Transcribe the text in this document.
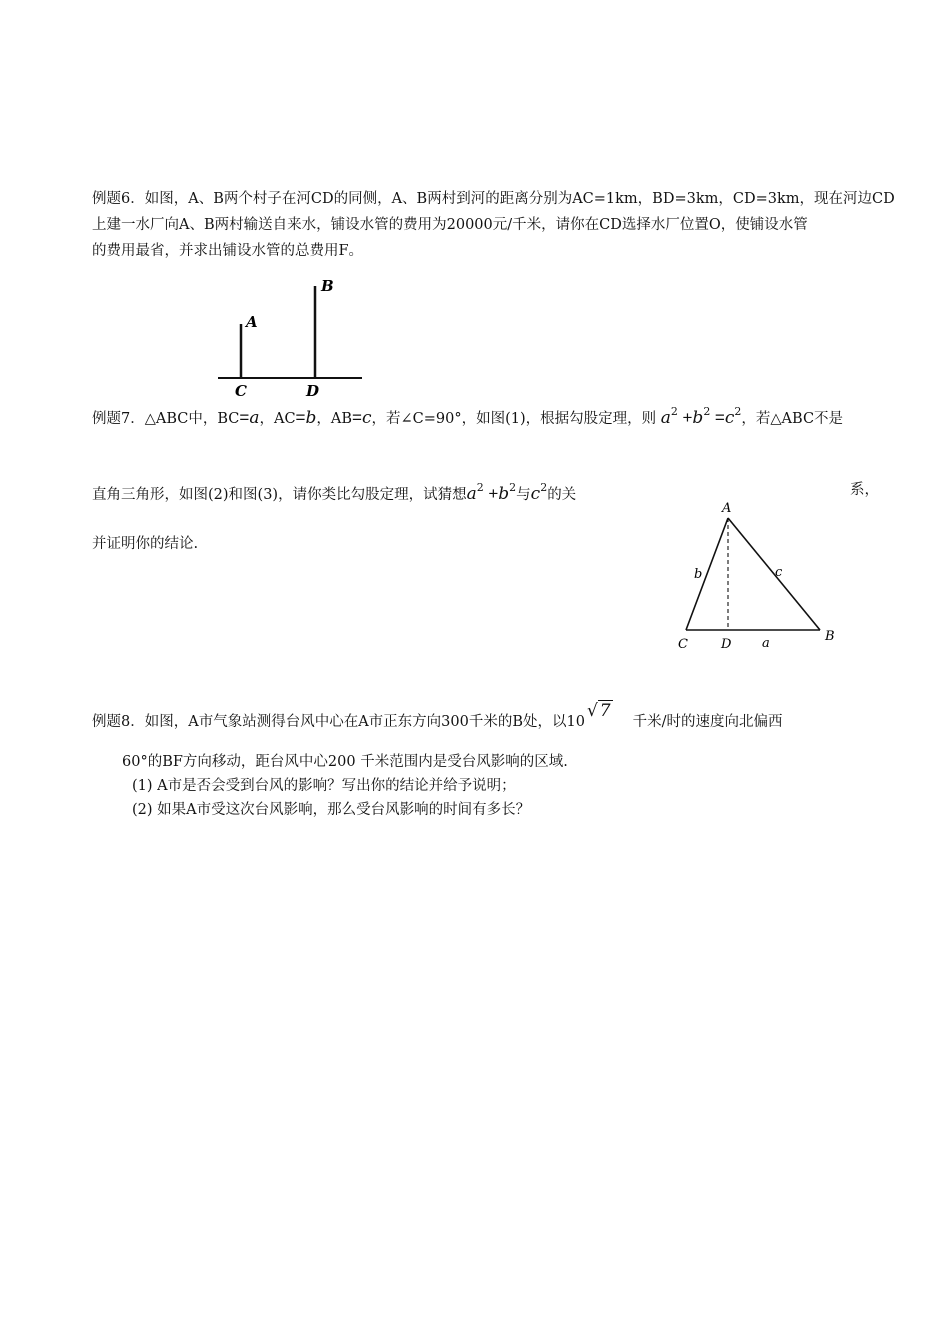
例题6．如图，A、B两个村子在河CD的同侧，A、B两村到河的距离分别为AC=1km，BD=3km，CD=3km，现在河边CD
上建一水厂向A、B两村输送自来水，铺设水管的费用为20000元/千米，请你在CD选择水厂位置O，使铺设水管
的费用最省，并求出铺设水管的总费用F。
A
B
C	D
例题7．△ABC中，BC=a，AC=b，AB=c，若∠C=90°，如图(1)，根据勾股定理，则 $a^2 +b^2 =c^2$，若△ABC不是
直角三角形，如图(2)和图(3)，请你类比勾股定理，试猜想$a^2 +b^2$与$c^2$的关	系，
并证明你的结论.
A
B
C	D a
b	c
例题8．如图，A市气象站测得台风中心在A市正东方向300千米的B处，以10√ 7千米/时的速度向北偏西
60°的BF方向移动，距台风中心200 千米范围内是受台风影响的区域.
(1) A市是否会受到台风的影响？写出你的结论并给予说明；
(2) 如果A市受这次台风影响，那么受台风影响的时间有多长？
